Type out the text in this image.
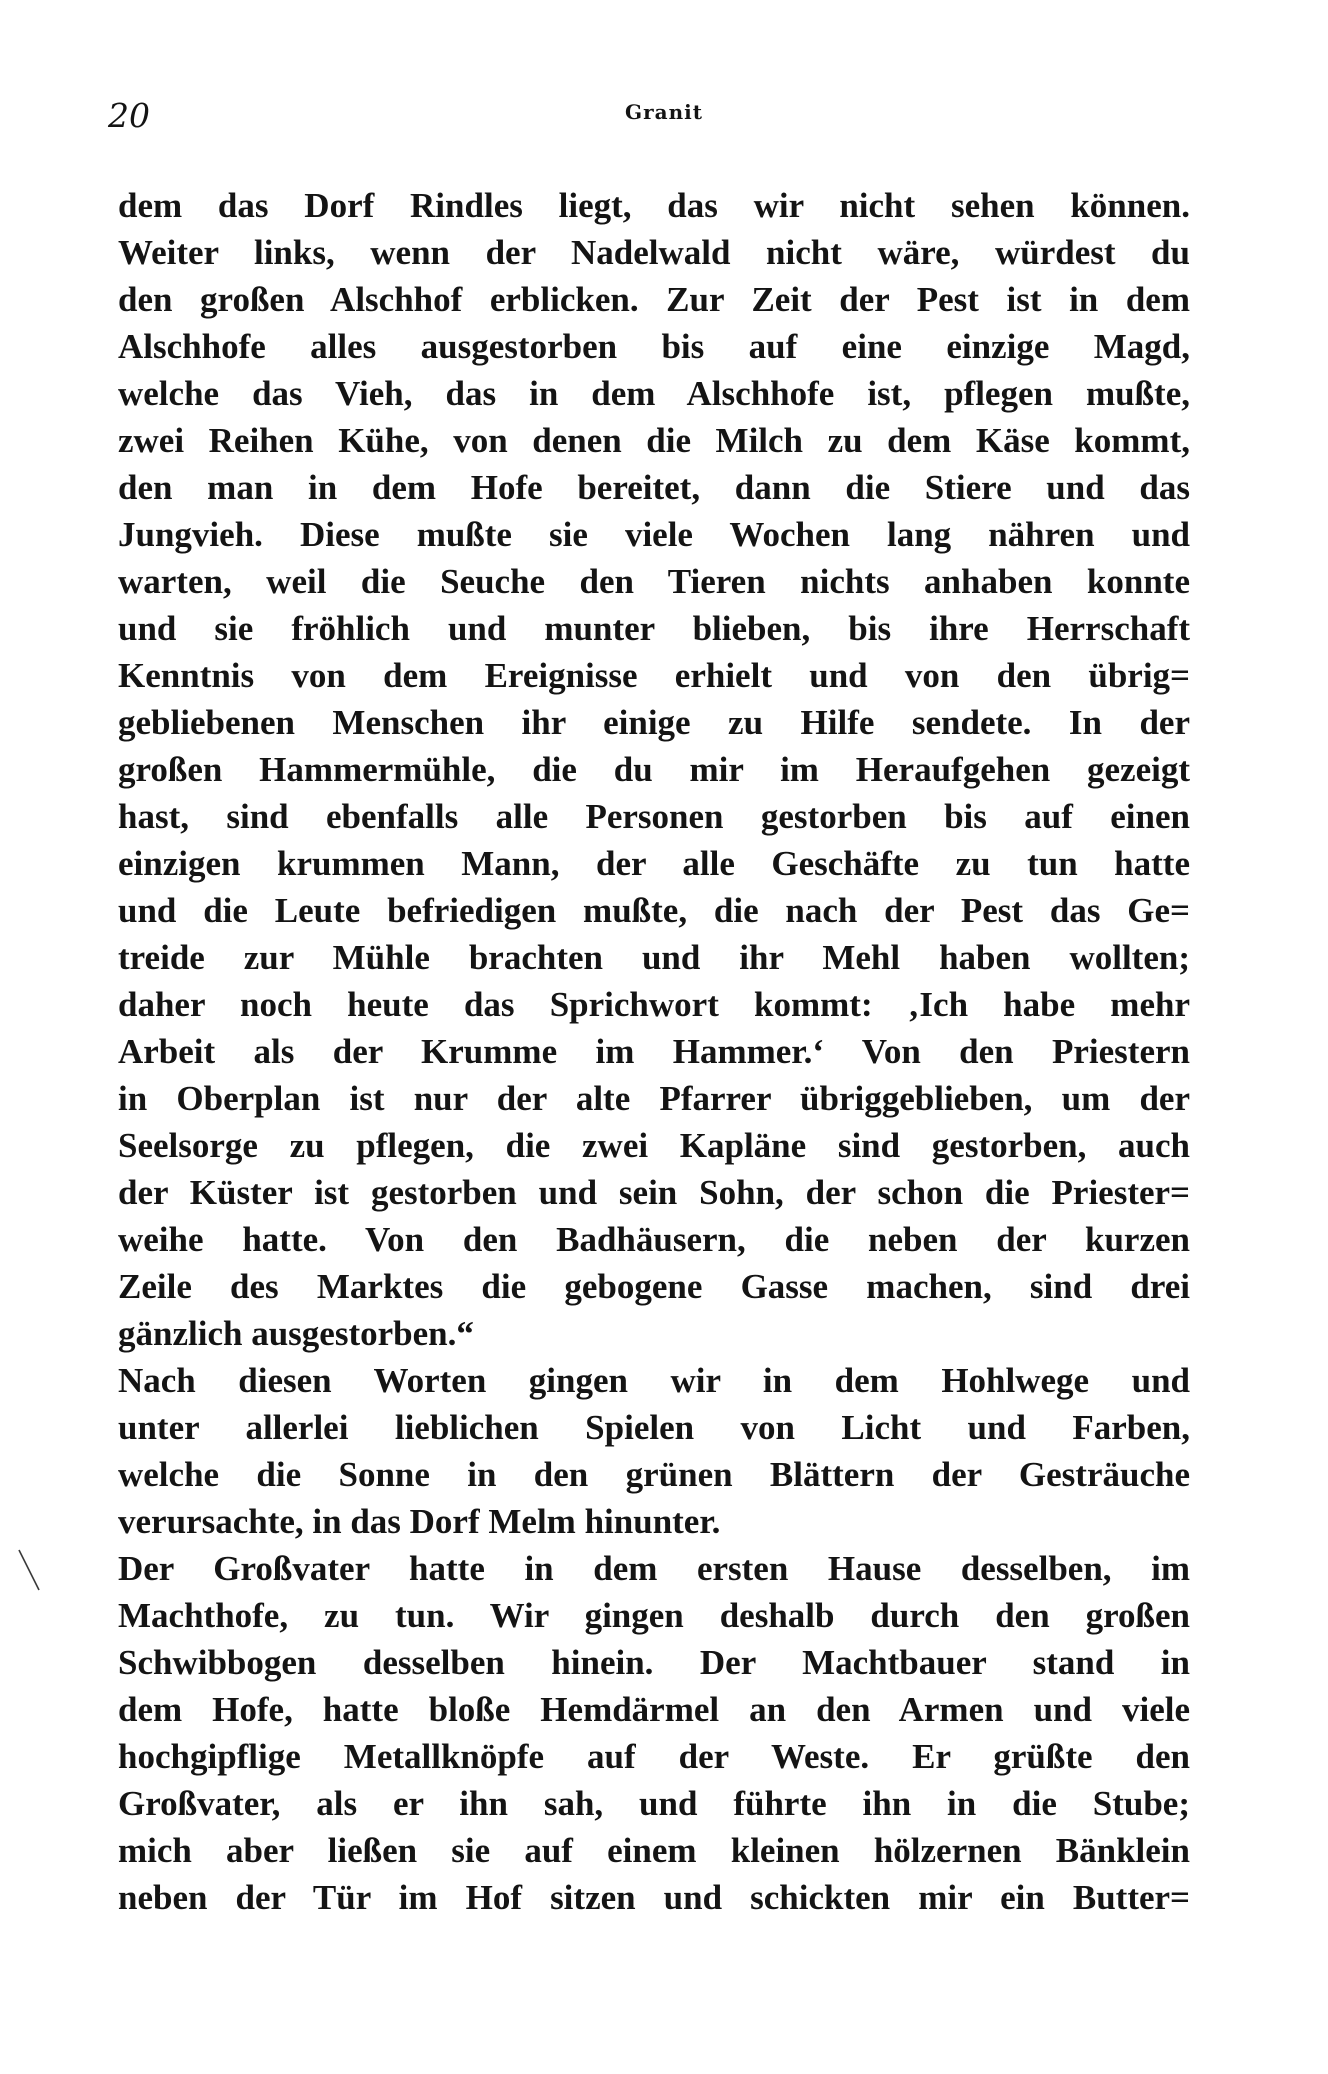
20	Granit
dem das Dorf Rindles liegt, das wir nicht sehen können.
Weiter links, wenn der Nadelwald nicht wäre, würdest du
den großen Alschhof erblicken. Zur Zeit der Pest ist in dem
Alschhofe alles ausgestorben bis auf eine einzige Magd,
welche das Vieh, das in dem Alschhofe ist, pflegen mußte,
zwei Reihen Kühe, von denen die Milch zu dem Käse kommt,
den man in dem Hofe bereitet, dann die Stiere und das
Jungvieh. Diese mußte sie viele Wochen lang nähren und
warten, weil die Seuche den Tieren nichts anhaben konnte
und sie fröhlich und munter blieben, bis ihre Herrschaft
Kenntnis von dem Ereignisse erhielt und von den übrig=
gebliebenen Menschen ihr einige zu Hilfe sendete. In der
großen Hammermühle, die du mir im Heraufgehen gezeigt
hast, sind ebenfalls alle Personen gestorben bis auf einen
einzigen krummen Mann, der alle Geschäfte zu tun hatte
und die Leute befriedigen mußte, die nach der Pest das Ge=
treide zur Mühle brachten und ihr Mehl haben wollten;
daher noch heute das Sprichwort kommt: ‚Ich habe mehr
Arbeit als der Krumme im Hammer.‘ Von den Priestern
in Oberplan ist nur der alte Pfarrer übriggeblieben, um der
Seelsorge zu pflegen, die zwei Kapläne sind gestorben, auch
der Küster ist gestorben und sein Sohn, der schon die Priester=
weihe hatte. Von den Badhäusern, die neben der kurzen
Zeile des Marktes die gebogene Gasse machen, sind drei
gänzlich ausgestorben.“
Nach diesen Worten gingen wir in dem Hohlwege und
unter allerlei lieblichen Spielen von Licht und Farben,
welche die Sonne in den grünen Blättern der Gesträuche
verursachte, in das Dorf Melm hinunter.
Der Großvater hatte in dem ersten Hause desselben, im
Machthofe, zu tun. Wir gingen deshalb durch den großen
Schwibbogen desselben hinein. Der Machtbauer stand in
dem Hofe, hatte bloße Hemdärmel an den Armen und viele
hochgipflige Metallknöpfe auf der Weste. Er grüßte den
Großvater, als er ihn sah, und führte ihn in die Stube;
mich aber ließen sie auf einem kleinen hölzernen Bänklein
neben der Tür im Hof sitzen und schickten mir ein Butter=
